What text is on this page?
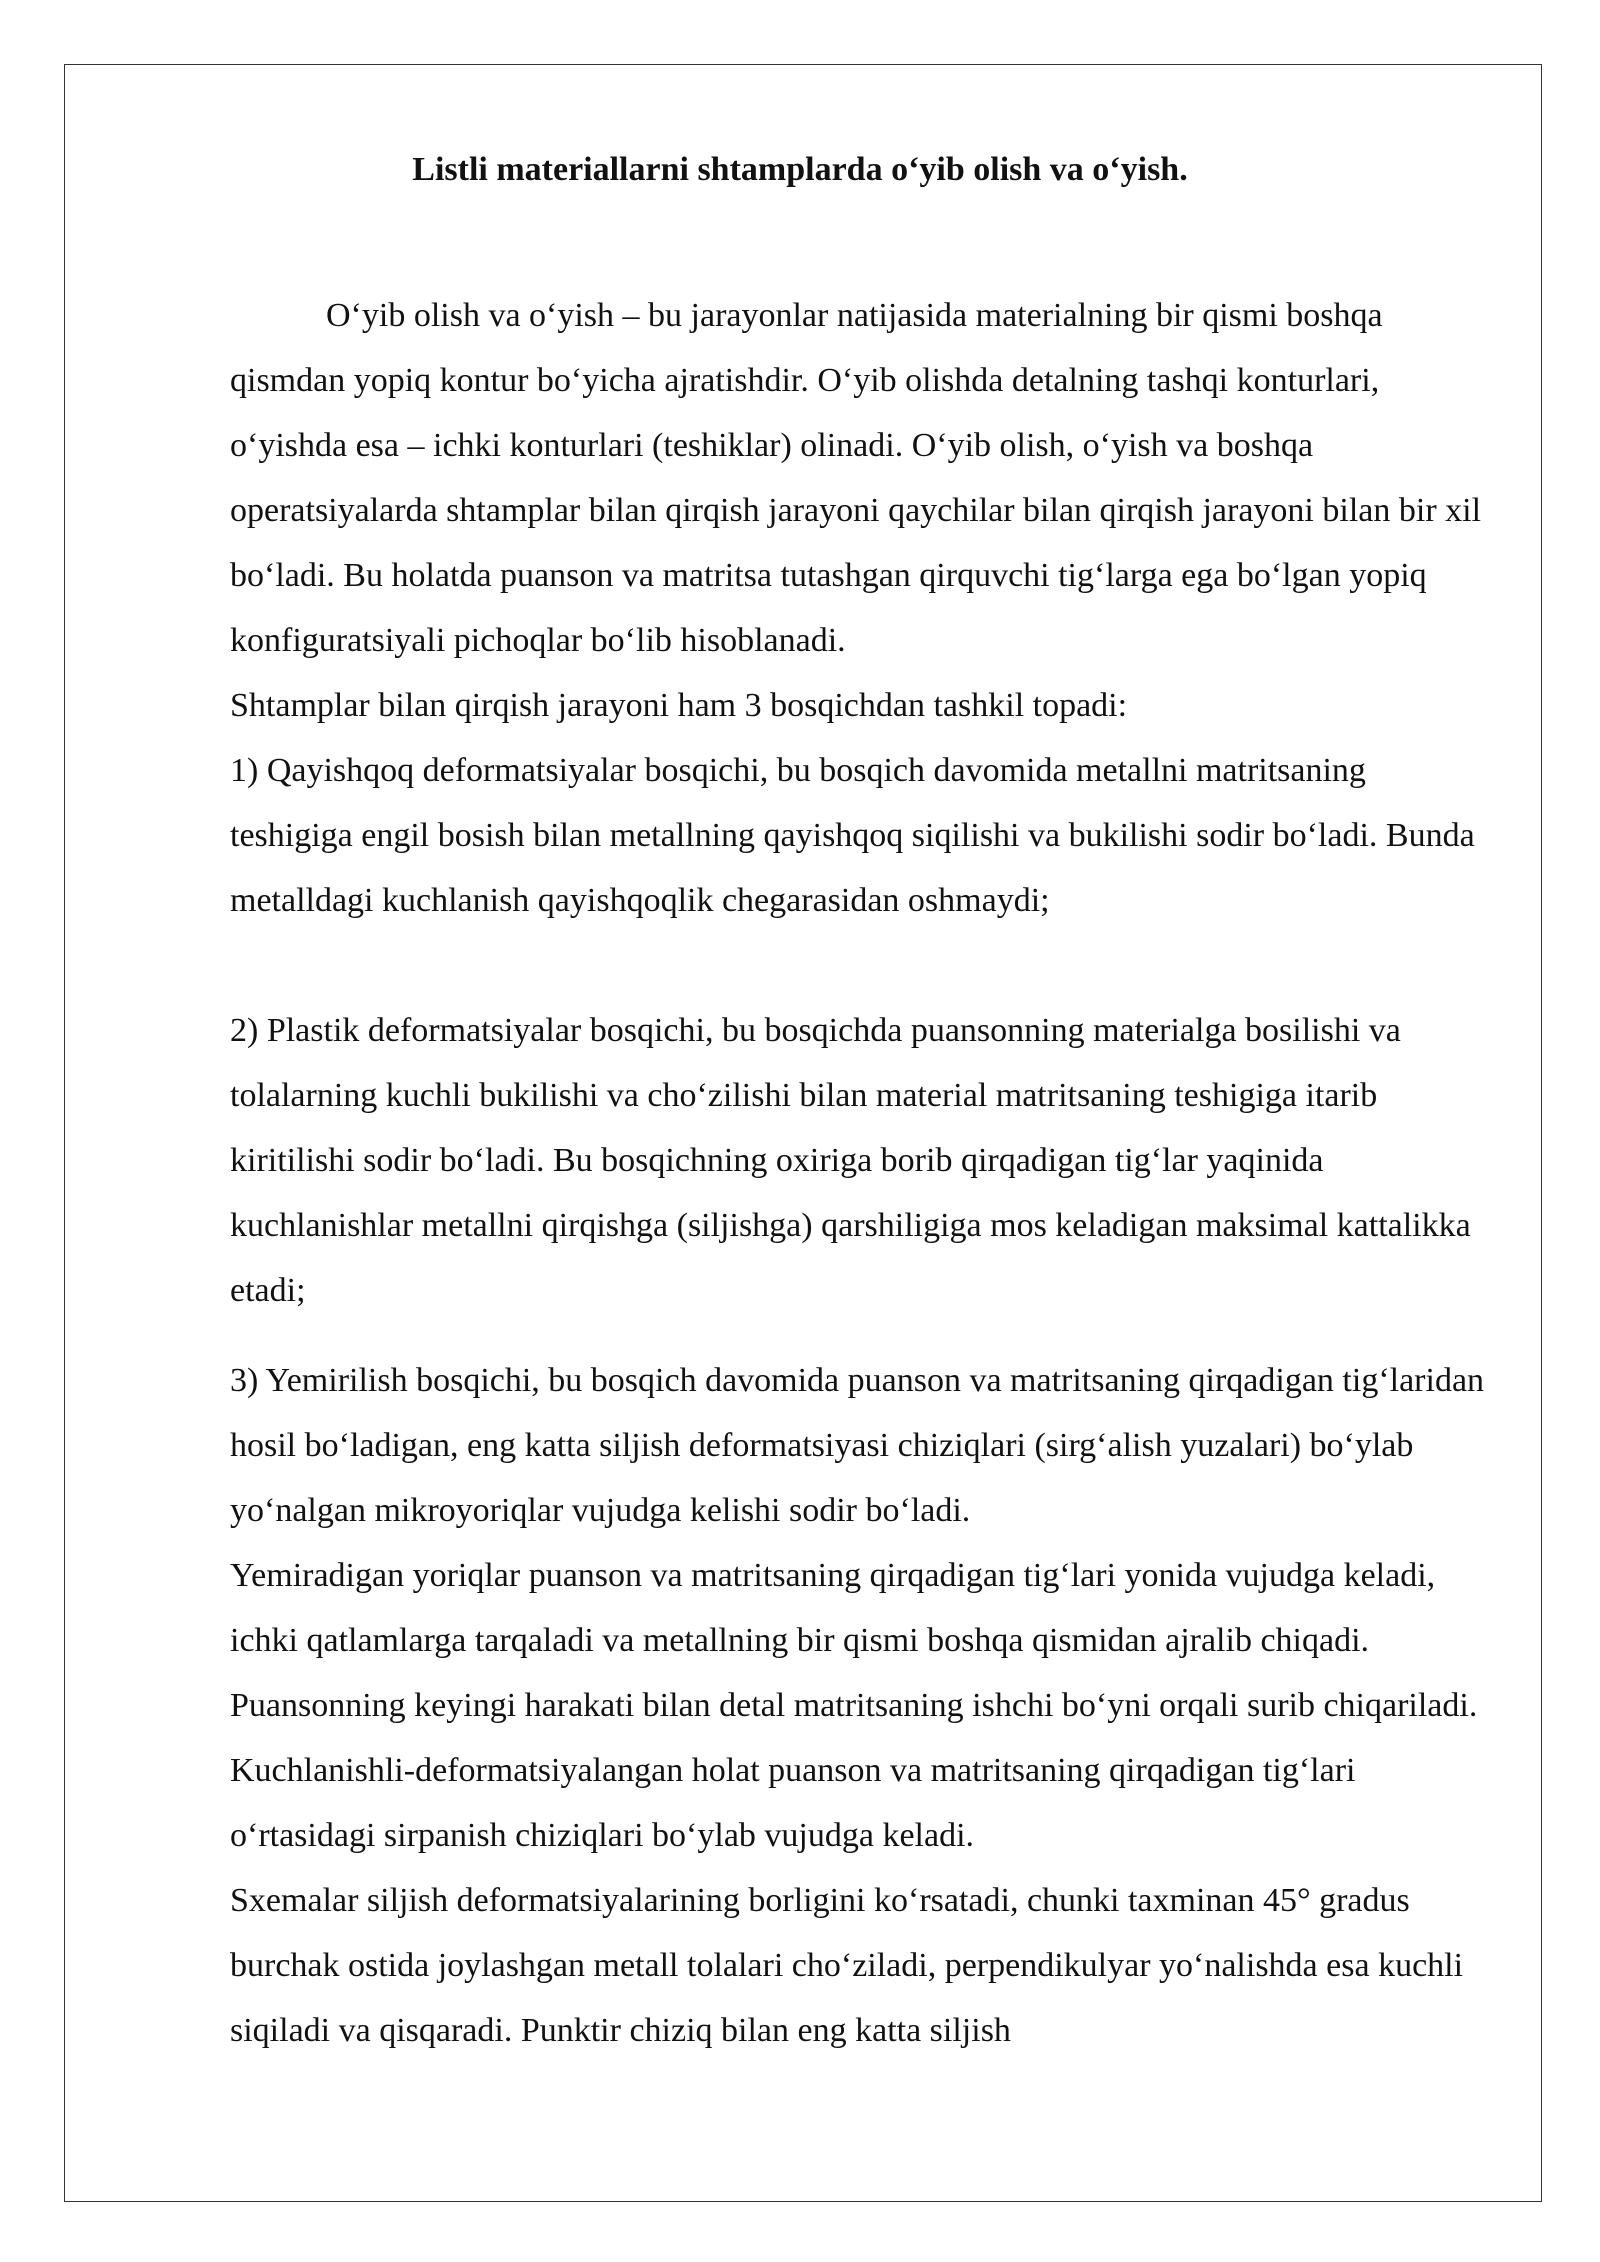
Listli materiallarni shtamplarda o‘yib olish va o‘yish.

O‘yib olish va o‘yish – bu jarayonlar natijasida materialning bir qismi boshqa qismdan yopiq kontur bo‘yicha ajratishdir. O‘yib olishda detalning tashqi konturlari, o‘yishda esa – ichki konturlari (teshiklar) olinadi. O‘yib olish, o‘yish va boshqa operatsiyalarda shtamplar bilan qirqish jarayoni qaychilar bilan qirqish jarayoni bilan bir xil bo‘ladi. Bu holatda puanson va matritsa tutashgan qirquvchi tig‘larga ega bo‘lgan yopiq konfiguratsiyali pichoqlar bo‘lib hisoblanadi.

Shtamplar bilan qirqish jarayoni ham 3 bosqichdan tashkil topadi:

1) Qayishqoq deformatsiyalar bosqichi, bu bosqich davomida metallni matritsaning teshigiga engil bosish bilan metallning qayishqoq siqilishi va bukilishi sodir bo‘ladi. Bunda metalldagi kuchlanish qayishqoqlik chegarasidan oshmaydi;

2) Plastik deformatsiyalar bosqichi, bu bosqichda puansonning materialga bosilishi va tolalarning kuchli bukilishi va cho‘zilishi bilan material matritsaning teshigiga itarib kiritilishi sodir bo‘ladi. Bu bosqichning oxiriga borib qirqadigan tig‘lar yaqinida kuchlanishlar metallni qirqishga (siljishga) qarshiligiga mos keladigan maksimal kattalikka etadi;

3) Yemirilish bosqichi, bu bosqich davomida puanson va matritsaning qirqadigan tig‘laridan hosil bo‘ladigan, eng katta siljish deformatsiyasi chiziqlari (sirg‘alish yuzalari) bo‘ylab yo‘nalgan mikroyoriqlar vujudga kelishi sodir bo‘ladi.

Yemiradigan yoriqlar puanson va matritsaning qirqadigan tig‘lari yonida vujudga keladi, ichki qatlamlarga tarqaladi va metallning bir qismi boshqa qismidan ajralib chiqadi. Puansonning keyingi harakati bilan detal matritsaning ishchi bo‘yni orqali surib chiqariladi.

Kuchlanishli-deformatsiyalangan holat puanson va matritsaning qirqadigan tig‘lari o‘rtasidagi sirpanish chiziqlari bo‘ylab vujudga keladi.

Sxemalar siljish deformatsiyalarining borligini ko‘rsatadi, chunki taxminan 45° gradus burchak ostida joylashgan metall tolalari cho‘ziladi, perpendikulyar yo‘nalishda esa kuchli siqiladi va qisqaradi. Punktir chiziq bilan eng katta siljish
